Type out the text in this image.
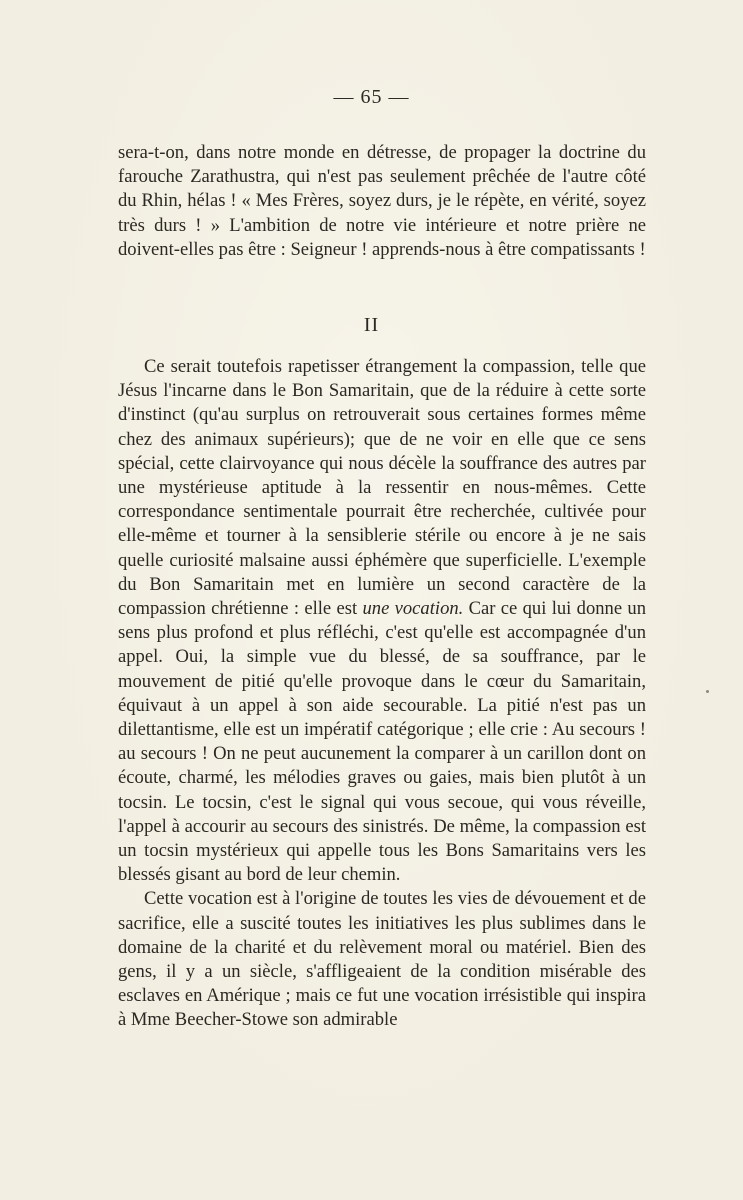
— 65 —

sera-t-on, dans notre monde en détresse, de propager la doctrine du farouche Zarathustra, qui n'est pas seulement prêchée de l'autre côté du Rhin, hélas ! « Mes Frères, soyez durs, je le répète, en vérité, soyez très durs ! » L'ambition de notre vie intérieure et notre prière ne doivent-elles pas être : Seigneur ! apprends-nous à être compatissants !

II

Ce serait toutefois rapetisser étrangement la compassion, telle que Jésus l'incarne dans le Bon Samaritain, que de la réduire à cette sorte d'instinct (qu'au surplus on retrouverait sous certaines formes même chez des animaux supérieurs); que de ne voir en elle que ce sens spécial, cette clairvoyance qui nous décèle la souffrance des autres par une mystérieuse aptitude à la ressentir en nous-mêmes. Cette correspondance sentimentale pourrait être recherchée, cultivée pour elle-même et tourner à la sensiblerie stérile ou encore à je ne sais quelle curiosité malsaine aussi éphémère que superficielle. L'exemple du Bon Samaritain met en lumière un second caractère de la compassion chrétienne : elle est une vocation. Car ce qui lui donne un sens plus profond et plus réfléchi, c'est qu'elle est accompagnée d'un appel. Oui, la simple vue du blessé, de sa souffrance, par le mouvement de pitié qu'elle provoque dans le cœur du Samaritain, équivaut à un appel à son aide secourable. La pitié n'est pas un dilettantisme, elle est un impératif catégorique ; elle crie : Au secours ! au secours ! On ne peut aucunement la comparer à un carillon dont on écoute, charmé, les mélodies graves ou gaies, mais bien plutôt à un tocsin. Le tocsin, c'est le signal qui vous secoue, qui vous réveille, l'appel à accourir au secours des sinistrés. De même, la compassion est un tocsin mystérieux qui appelle tous les Bons Samaritains vers les blessés gisant au bord de leur chemin.

Cette vocation est à l'origine de toutes les vies de dévouement et de sacrifice, elle a suscité toutes les initiatives les plus sublimes dans le domaine de la charité et du relèvement moral ou matériel. Bien des gens, il y a un siècle, s'affligeaient de la condition misérable des esclaves en Amérique ; mais ce fut une vocation irrésistible qui inspira à Mme Beecher-Stowe son admirable
